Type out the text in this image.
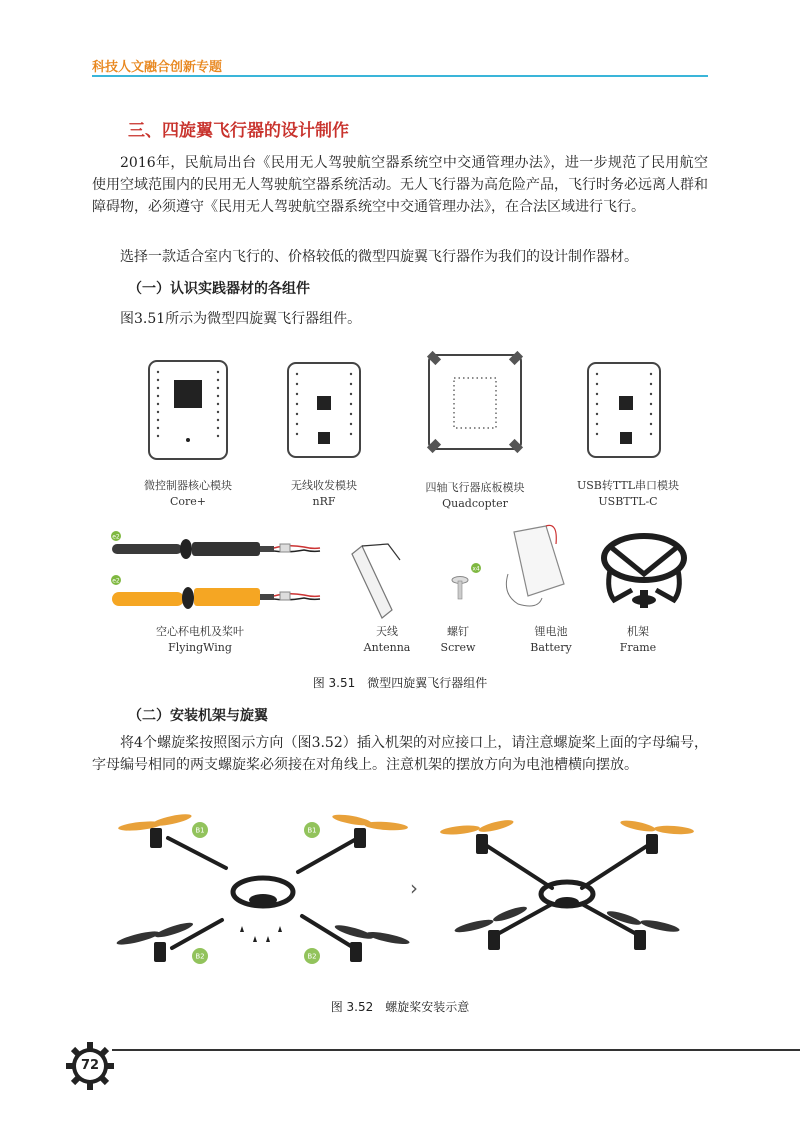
科技人文融合创新专题
三、四旋翼飞行器的设计制作
2016年，民航局出台《民用无人驾驶航空器系统空中交通管理办法》，进一步规范了民用航空使用空域范围内的民用无人驾驶航空器系统活动。无人飞行器为高危险产品，飞行时务必远离人群和障碍物，必须遵守《民用无人驾驶航空器系统空中交通管理办法》，在合法区域进行飞行。
选择一款适合室内飞行的、价格较低的微型四旋翼飞行器作为我们的设计制作器材。
（一）认识实践器材的各组件
图3.51所示为微型四旋翼飞行器组件。
微控制器核心模块
Core+
无线收发模块
nRF
四轴飞行器底板模块
Quadcopter
USB转TTL串口模块
USBTTL-C
e2
e2
x4
空心杯电机及桨叶
FlyingWing
天线
Antenna
螺钉
Screw
锂电池
Battery
机架
Frame
图 3.51　微型四旋翼飞行器组件
（二）安装机架与旋翼
将4个螺旋桨按照图示方向（图3.52）插入机架的对应接口上，请注意螺旋桨上面的字母编号，字母编号相同的两支螺旋桨必须接在对角线上。注意机架的摆放方向为电池槽横向摆放。
B1	B1
B2	B2
›
图 3.52　螺旋桨安装示意
72
